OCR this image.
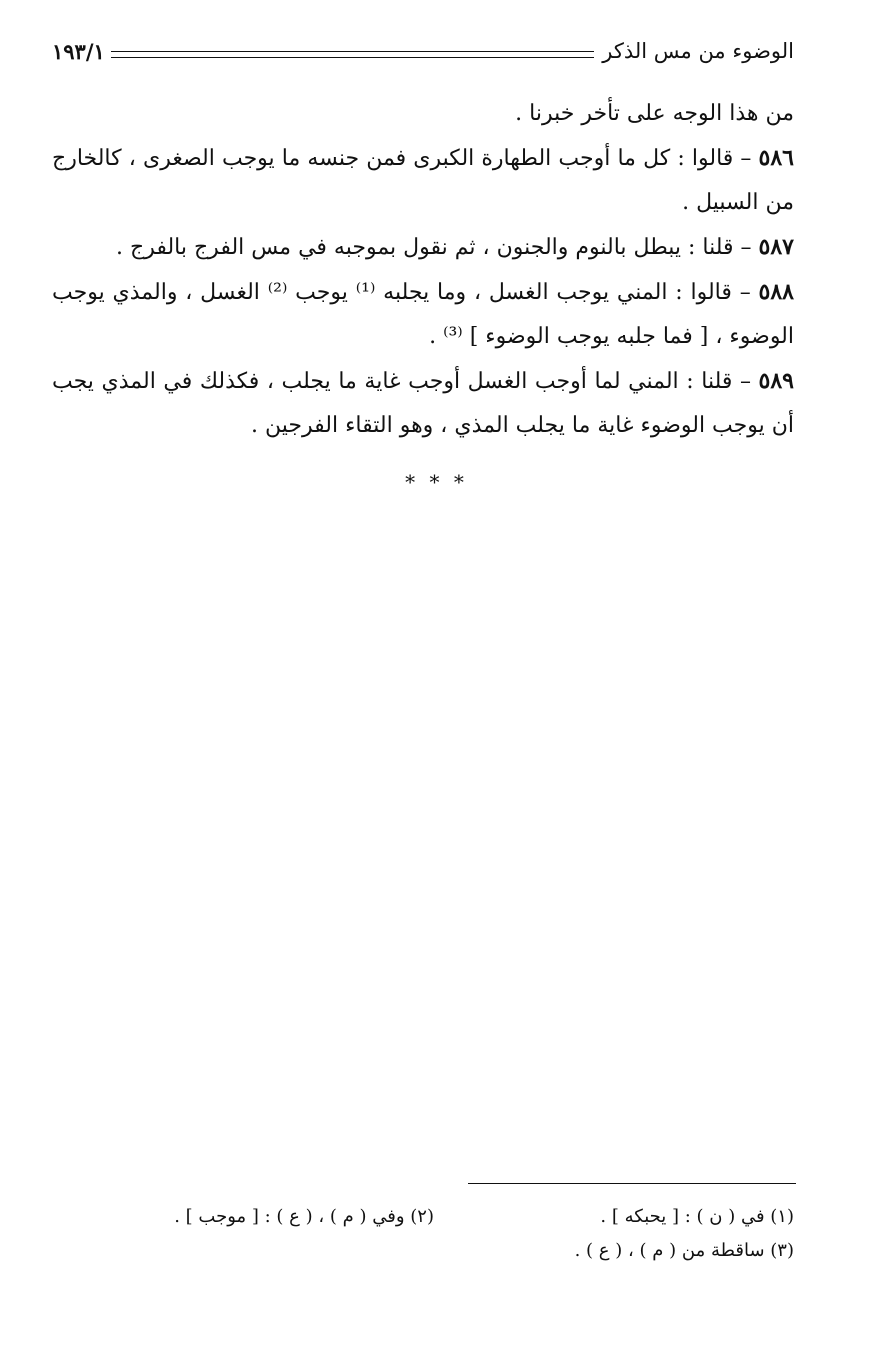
الوضوء من مس الذكر
١٩٣/١

من هذا الوجه على تأخر خبرنا .

٥٨٦ – قالوا : كل ما أوجب الطهارة الكبرى فمن جنسه ما يوجب الصغرى ، كالخارج من السبيل .

٥٨٧ – قلنا : يبطل بالنوم والجنون ، ثم نقول بموجبه في مس الفرج بالفرج .

٥٨٨ – قالوا : المني يوجب الغسل ، وما يجلبه ⁽¹⁾ يوجب ⁽²⁾ الغسل ، والمذي يوجب الوضوء ، [ فما جلبه يوجب الوضوء ] ⁽³⁾ .

٥٨٩ – قلنا : المني لما أوجب الغسل أوجب غاية ما يجلب ، فكذلك في المذي يجب أن يوجب الوضوء غاية ما يجلب المذي ، وهو التقاء الفرجين .

* * *
(١) في ( ن ) : [ يحبكه ] .
(٢) وفي ( م ) ، ( ع ) : [ موجب ] .
(٣) ساقطة من ( م ) ، ( ع ) .
